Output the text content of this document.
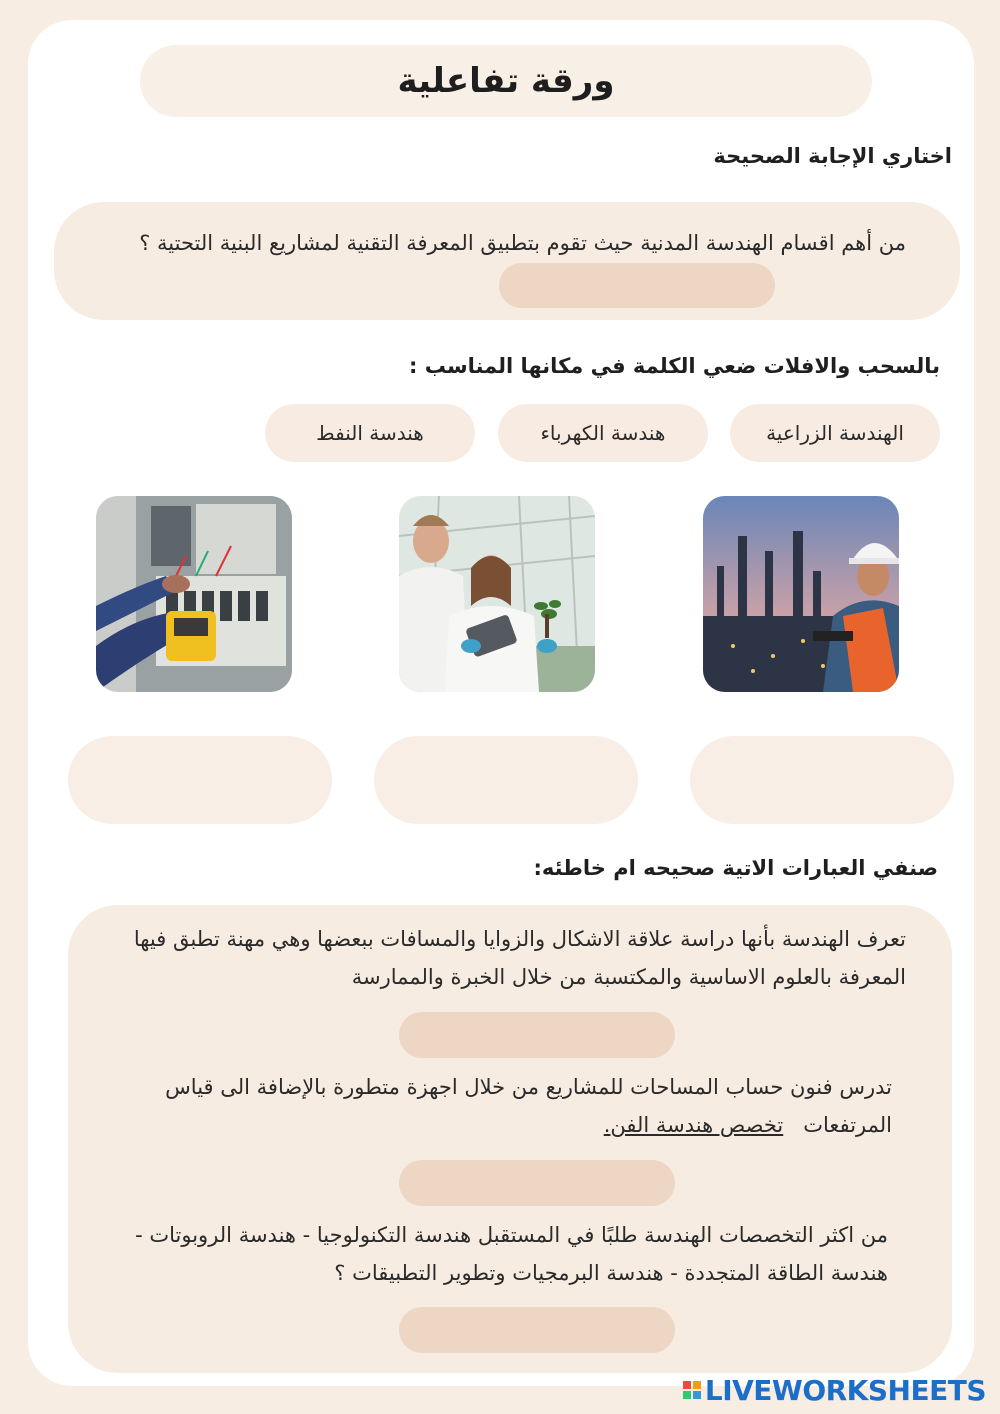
ورقة تفاعلية
اختاري الإجابة الصحيحة
من أهم اقسام الهندسة المدنية حيث تقوم بتطبيق المعرفة التقنية لمشاريع البنية التحتية ؟
بالسحب والافلات ضعي الكلمة في مكانها المناسب :
الهندسة الزراعية
هندسة الكهرباء
هندسة النفط
صنفي العبارات الاتية صحيحه ام خاطئه:
تعرف الهندسة بأنها دراسة علاقة الاشكال والزوايا والمسافات ببعضها وهي مهنة تطبق فيها المعرفة بالعلوم الاساسية والمكتسبة من خلال الخبرة والممارسة
تدرس فنون حساب المساحات للمشاريع من خلال اجهزة متطورة بالإضافة الى قياس المرتفعات   تخصص هندسة الفن.
من اكثر التخصصات الهندسة طلبًا في المستقبل هندسة التكنولوجيا - هندسة الروبوتات - هندسة الطاقة المتجددة - هندسة البرمجيات وتطوير التطبيقات ؟
LIVEWORKSHEETS
